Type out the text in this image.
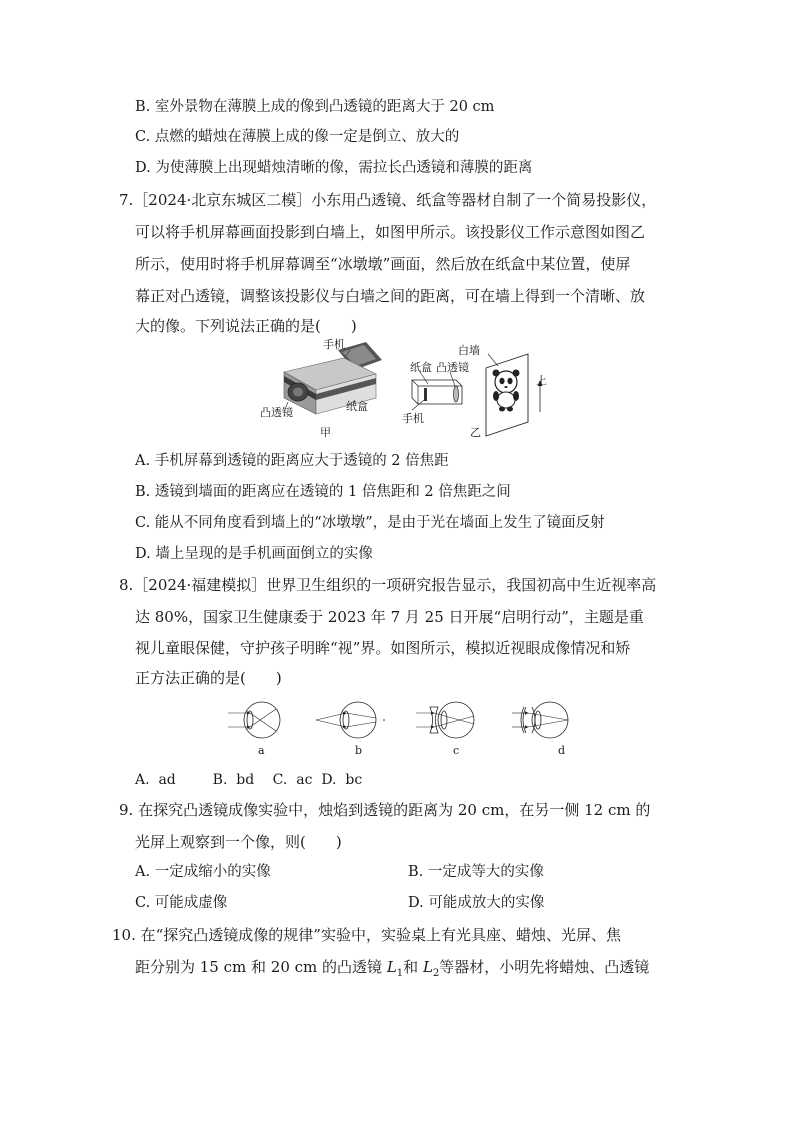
B. 室外景物在薄膜上成的像到凸透镜的距离大于 20 cm
C. 点燃的蜡烛在薄膜上成的像一定是倒立、放大的
D. 为使薄膜上出现蜡烛清晰的像，需拉长凸透镜和薄膜的距离
7.［2024·北京东城区二模］小东用凸透镜、纸盒等器材自制了一个简易投影仪，
可以将手机屏幕画面投影到白墙上，如图甲所示。该投影仪工作示意图如图乙
所示，使用时将手机屏幕调至“冰墩墩”画面，然后放在纸盒中某位置，使屏
幕正对凸透镜，调整该投影仪与白墙之间的距离，可在墙上得到一个清晰、放
大的像。下列说法正确的是(　　)
手机
凸透镜	纸盒
甲
白墙
纸盒 凸透镜
手机
上
乙
A. 手机屏幕到透镜的距离应大于透镜的 2 倍焦距
B. 透镜到墙面的距离应在透镜的 1 倍焦距和 2 倍焦距之间
C. 能从不同角度看到墙上的“冰墩墩”，是由于光在墙面上发生了镜面反射
D. 墙上呈现的是手机画面倒立的实像
8.［2024·福建模拟］世界卫生组织的一项研究报告显示，我国初高中生近视率高
达 80%，国家卫生健康委于 2023 年 7 月 25 日开展“启明行动”，主题是重
视儿童眼保健，守护孩子明眸“视”界。如图所示，模拟近视眼成像情况和矫
正方法正确的是(　　)
a	b	c	d
A.  ad　　  B.  bd　 C.  ac  D.  bc
9. 在探究凸透镜成像实验中，烛焰到透镜的距离为 20 cm，在另一侧 12 cm 的
光屏上观察到一个像，则(　　)
A. 一定成缩小的实像	B. 一定成等大的实像
C. 可能成虚像	D. 可能成放大的实像
10. 在“探究凸透镜成像的规律”实验中，实验桌上有光具座、蜡烛、光屏、焦
距分别为 15 cm 和 20 cm 的凸透镜 $L_1$和 $L_2$等器材，小明先将蜡烛、凸透镜
